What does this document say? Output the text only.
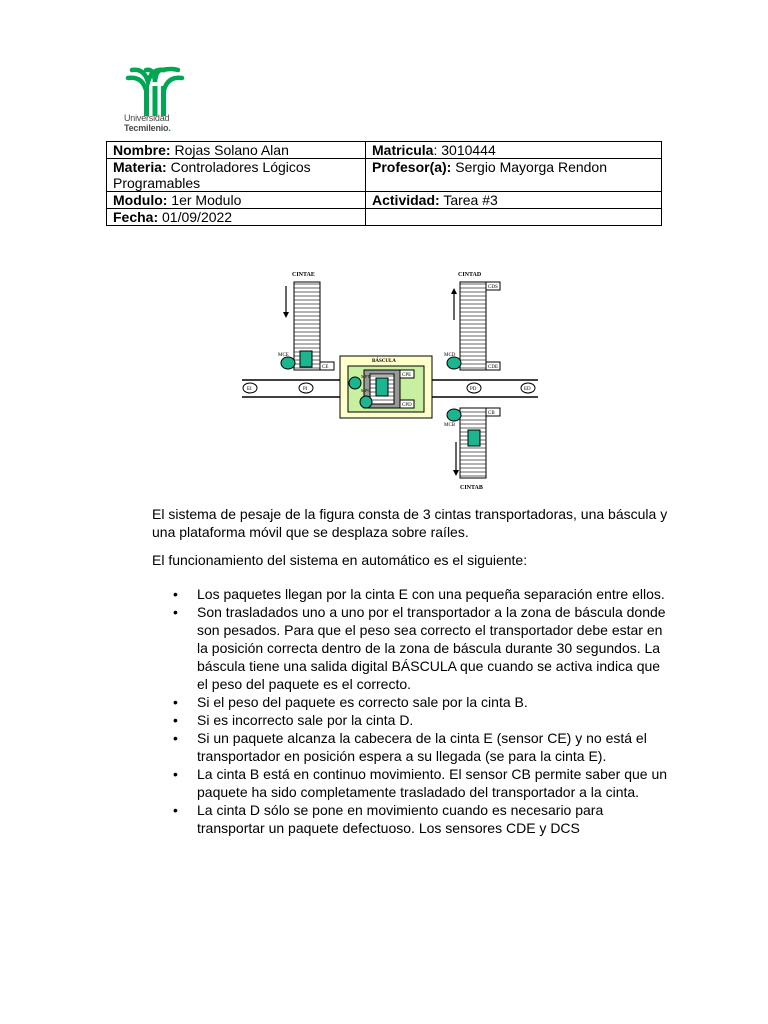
Universidad
Tecmilenio.
Nombre: Rojas Solano Alan	Matricula: 3010444
Materia: Controladores Lógicos Programables	Profesor(a): Sergio Mayorga Rendon
Modulo: 1er Modulo	Actividad: Tarea #3
Fecha: 01/09/2022	
CINTAE
CE
MCE
BÁSCULA
CPE
CPD
MPT
MPC
CINTAD
CDS
CDE
MCD
CB
MCB
CINTAB
EI	PI	PD	ED

El sistema de pesaje de la figura consta de 3 cintas transportadoras, una báscula y una plataforma móvil que se desplaza sobre raíles.

El funcionamiento del sistema en automático es el siguiente:

• Los paquetes llegan por la cinta E con una pequeña separación entre ellos.
• Son trasladados uno a uno por el transportador a la zona de báscula donde son pesados. Para que el peso sea correcto el transportador debe estar en la posición correcta dentro de la zona de báscula durante 30 segundos. La báscula tiene una salida digital BÁSCULA que cuando se activa indica que el peso del paquete es el correcto.
• Si el peso del paquete es correcto sale por la cinta B.
• Si es incorrecto sale por la cinta D.
• Si un paquete alcanza la cabecera de la cinta E (sensor CE) y no está el transportador en posición espera a su llegada (se para la cinta E).
• La cinta B está en continuo movimiento. El sensor CB permite saber que un paquete ha sido completamente trasladado del transportador a la cinta.
• La cinta D sólo se pone en movimiento cuando es necesario para transportar un paquete defectuoso. Los sensores CDE y DCS
